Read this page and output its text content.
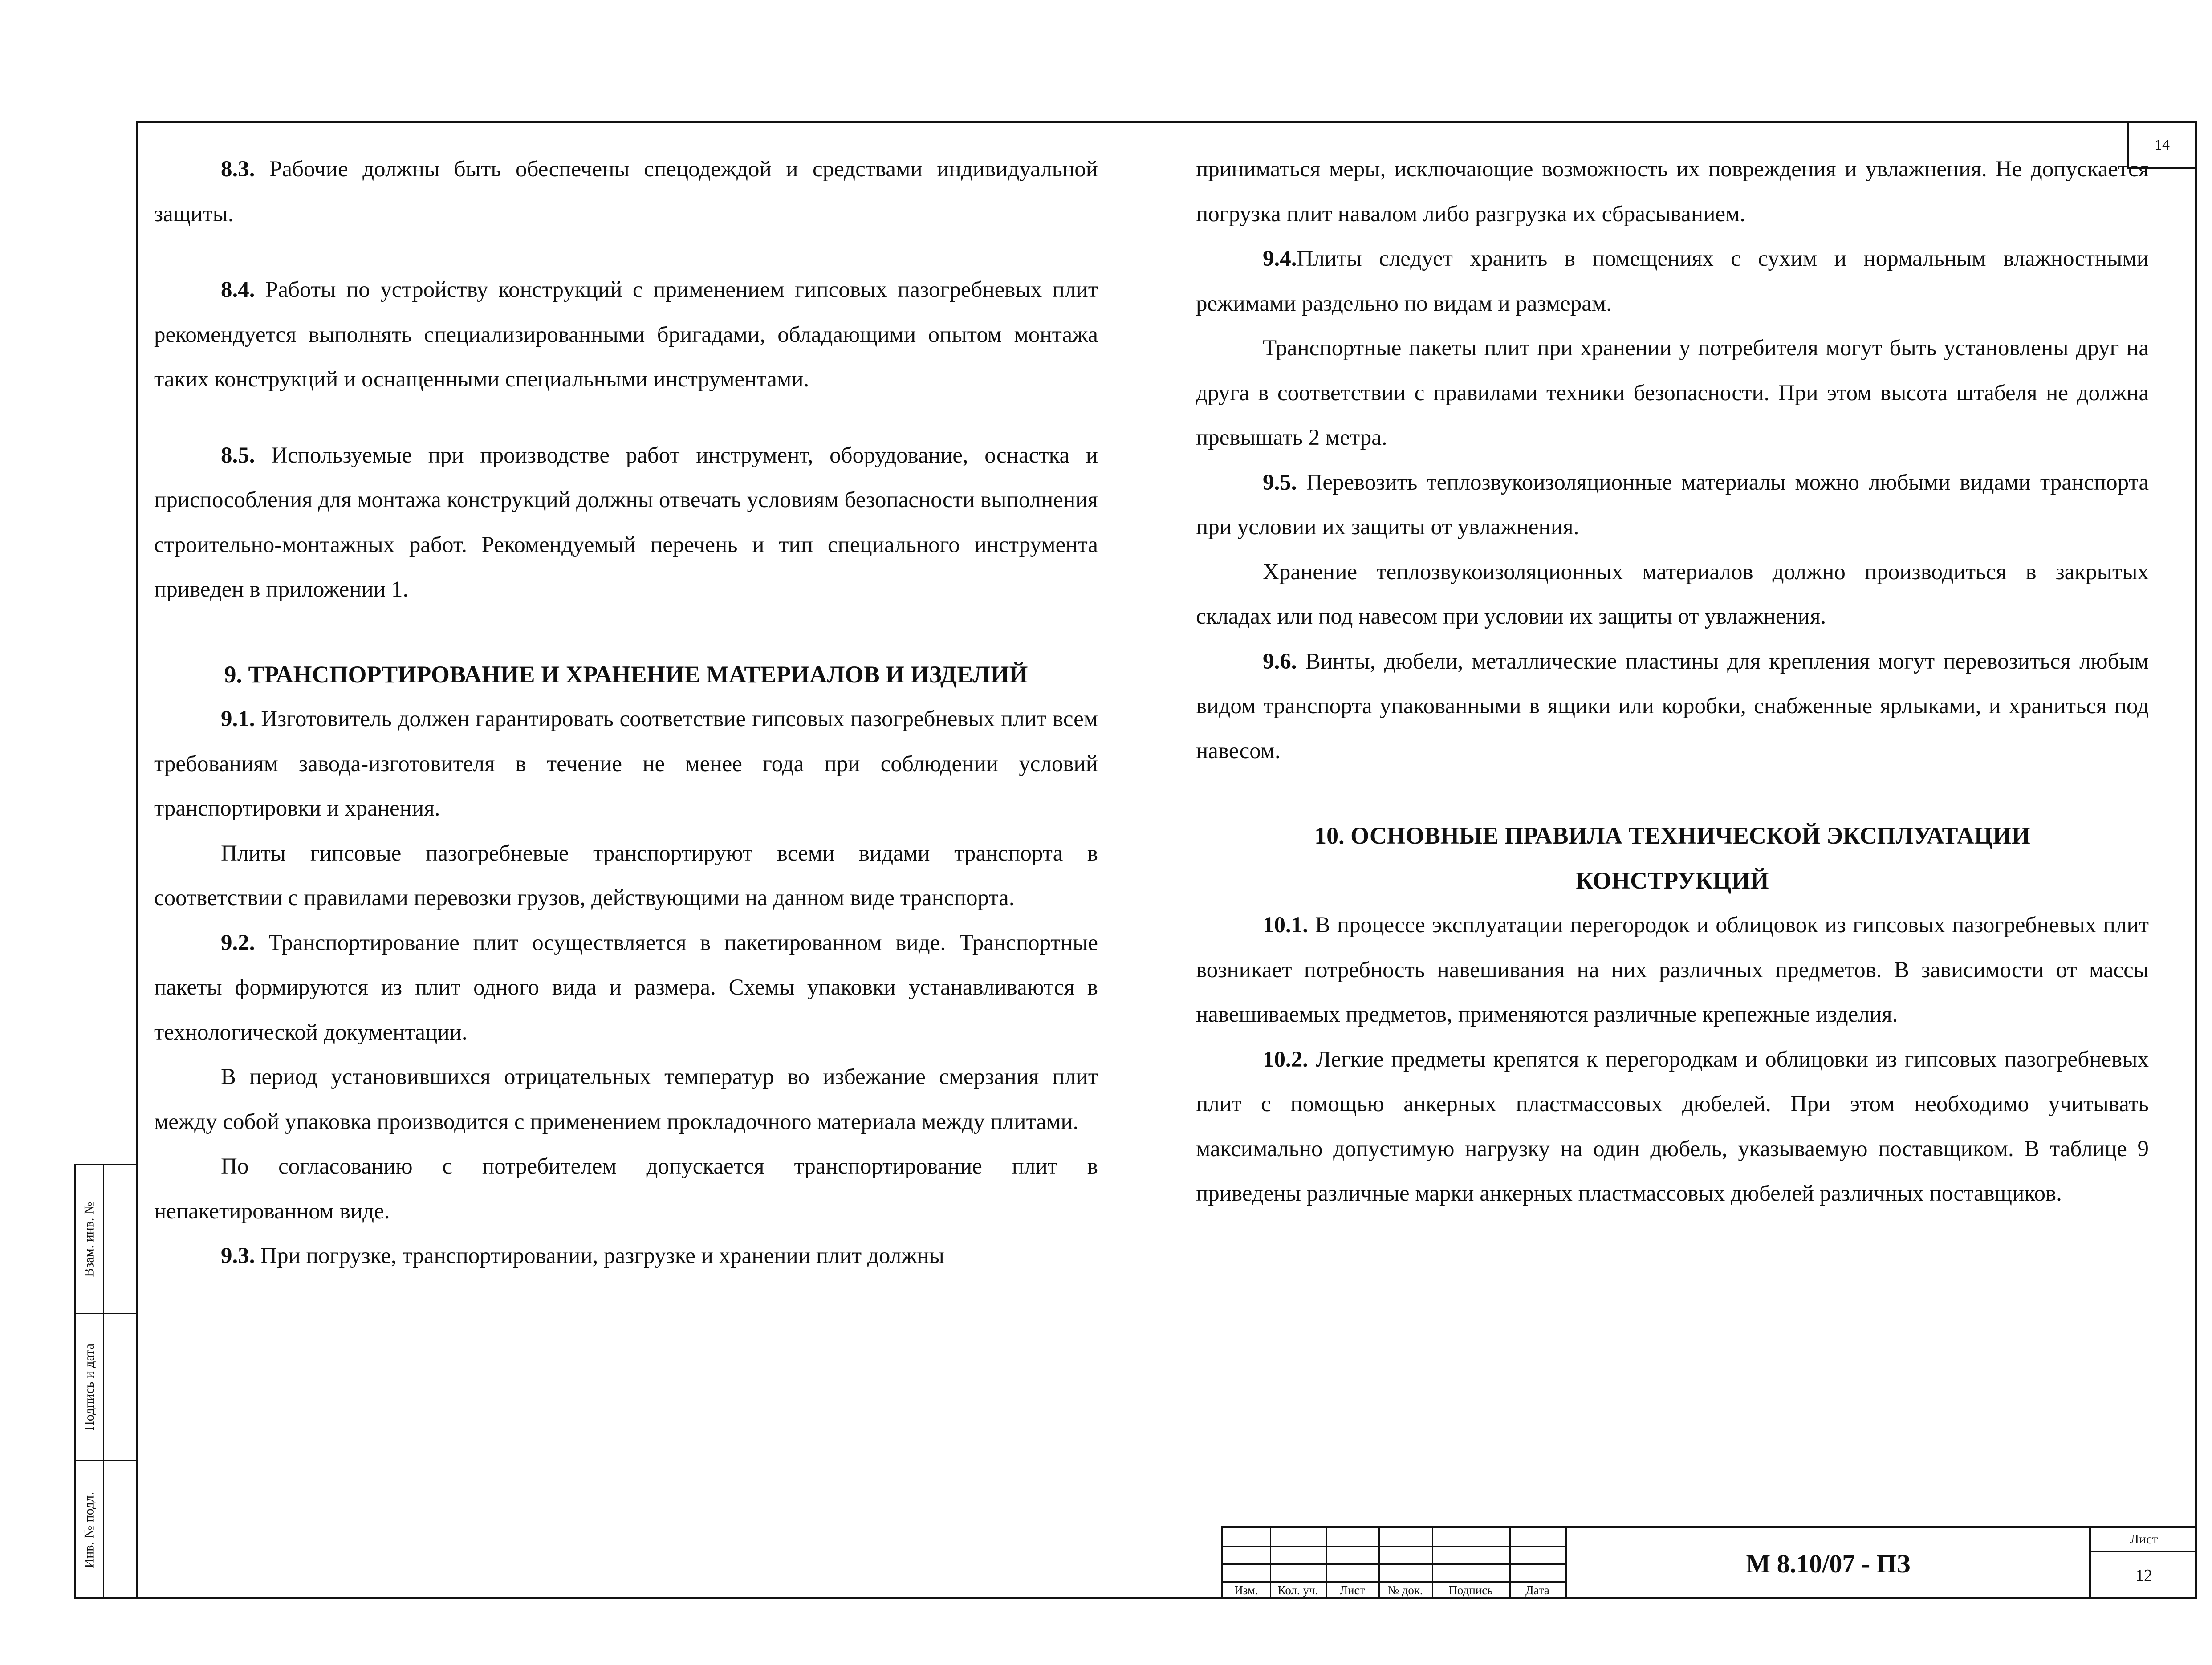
14

8.3. Рабочие должны быть обеспечены спецодеждой и средствами индивидуальной защиты.

8.4. Работы по устройству конструкций с применением гипсовых пазогребневых плит рекомендуется выполнять специализированными бригадами, обладающими опытом монтажа таких конструкций и оснащенными специальными инструментами.

8.5. Используемые при производстве работ инструмент, оборудование, оснастка и приспособления для монтажа конструкций должны отвечать условиям безопасности выполнения строительно-монтажных работ. Рекомендуемый перечень и тип специального инструмента приведен в приложении 1.

9. ТРАНСПОРТИРОВАНИЕ И ХРАНЕНИЕ МАТЕРИАЛОВ И ИЗДЕЛИЙ

9.1. Изготовитель должен гарантировать соответствие гипсовых пазогребневых плит всем требованиям завода-изготовителя в течение не менее года при соблюдении условий транспортировки и хранения.

Плиты гипсовые пазогребневые транспортируют всеми видами транспорта в соответствии с правилами перевозки грузов, действующими на данном виде транспорта.

9.2. Транспортирование плит осуществляется в пакетированном виде. Транспортные пакеты формируются из плит одного вида и размера. Схемы упаковки устанавливаются в технологической документации.

В период установившихся отрицательных температур во избежание смерзания плит между собой упаковка производится с применением прокладочного материала между плитами.

По согласованию с потребителем допускается транспортирование плит в непакетированном виде.

9.3. При погрузке, транспортировании, разгрузке и хранении плит должны

приниматься меры, исключающие возможность их повреждения и увлажнения. Не допускается погрузка плит навалом либо разгрузка их сбрасыванием.

9.4.Плиты следует хранить в помещениях с сухим и нормальным влажностными режимами раздельно по видам и размерам.

Транспортные пакеты плит при хранении у потребителя могут быть установлены друг на друга в соответствии с правилами техники безопасности. При этом высота штабеля не должна превышать 2 метра.

9.5. Перевозить теплозвукоизоляционные материалы можно любыми видами транспорта при условии их защиты от увлажнения.

Хранение теплозвукоизоляционных материалов должно производиться в закрытых складах или под навесом при условии их защиты от увлажнения.

9.6. Винты, дюбели, металлические пластины для крепления могут перевозиться любым видом транспорта упакованными в ящики или коробки, снабженные ярлыками, и храниться под навесом.

10. ОСНОВНЫЕ ПРАВИЛА ТЕХНИЧЕСКОЙ ЭКСПЛУАТАЦИИ
КОНСТРУКЦИЙ

10.1. В процессе эксплуатации перегородок и облицовок из гипсовых пазогребневых плит возникает потребность навешивания на них различных предметов. В зависимости от массы навешиваемых предметов, применяются различные крепежные изделия.

10.2. Легкие предметы крепятся к перегородкам и облицовки из гипсовых пазогребневых плит с помощью анкерных пластмассовых дюбелей. При этом необходимо учитывать максимально допустимую нагрузку на один дюбель, указываемую поставщиком. В таблице 9 приведены различные марки анкерных пластмассовых дюбелей различных поставщиков.

Взам. инв. №
Подпись и дата
Инв. № подл.
Изм.	Кол. уч.	Лист	№ док.	Подпись	Дата
М 8.10/07 - ПЗ
Лист
12
